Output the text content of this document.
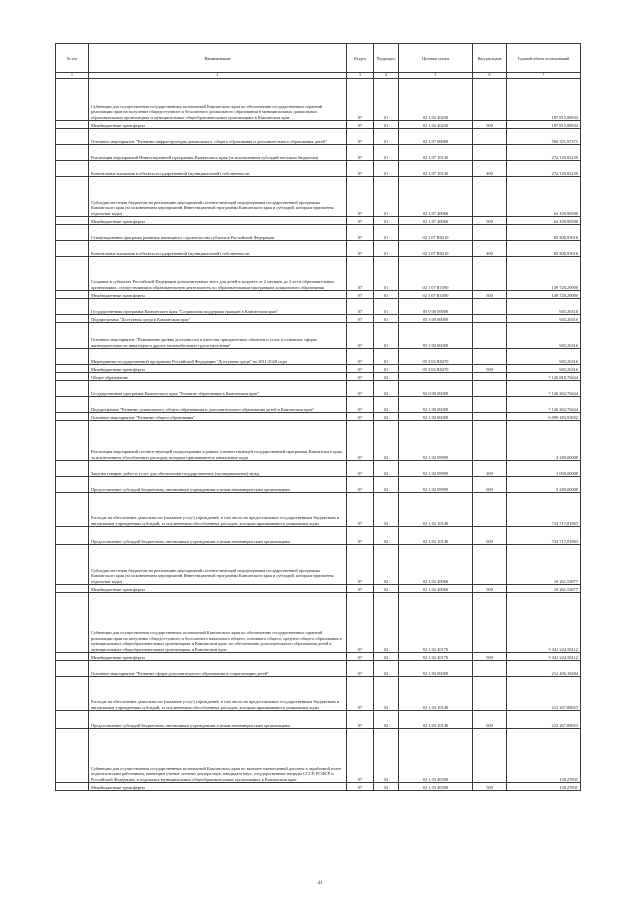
№ п/п	Наименование	Раздел	Подраздел	Целевая статья	Вид расходов	Годовой объем ассигнований
1	2	3	4	5	6	7
	Субвенции для осуществления государственных полномочий Камчатского края по обеспечению государственных гарантий реализации прав на получение общедоступного и бесплатного дошкольного образования в муниципальных дошкольных образовательных организациях и муниципальных общеобразовательных организациях в Камчатском крае	07	01	02 1 02 40230		187 815,88934
	Межбюджетные трансферты	07	01	02 1 02 40230	500	187 815,88934
	Основное мероприятие "Развитие инфраструктуры дошкольного, общего образования и дополнительного образования детей"	07	01	02 1 07 00000		566 351,97375
	Реализация мероприятий Инвестиционной программы Камчатского края (за исключением субсидий местным бюджетам)	07	01	02 1 07 10130		272 120,82259
	Капитальные вложения в объекты государственной (муниципальной) собственности	07	01	02 1 07 10130	400	272 120,82259
	Субсидии местным бюджетам на реализацию мероприятий соответствующей подпрограммы государственной программы Камчатского края (за исключением мероприятий Инвестиционной программы Камчатского края и субсидий, которым присвоены отдельные коды)	07	01	02 1 07 40060		62 109,90500
	Межбюджетные трансферты	07	01	02 1 07 40060	500	62 109,90500
	Стимулирование программ развития жилищного строительства субъектов Российской Федерации	07	01	02 1 07 R0210		82 400,95616
	Капитальные вложения в объекты государственной (муниципальной) собственности	07	01	02 1 07 R0210	400	82 400,95616
	Создание в субъектах Российской Федерации дополнительных мест для детей в возрасте от 2 месяцев до 3 лет в образовательных организациях, осуществляющих образовательную деятельность по образовательным программам дошкольного образования	07	01	02 1 07 R1590		149 720,29000
	Межбюджетные трансферты	07	01	02 1 07 R1590	500	149 720,29000
	Государственная программа Камчатского края "Социальная поддержка граждан в Камчатском крае"	07	01	05 0 00 00000		945,26316
	Подпрограмма "Доступная среда в Камчатском крае"	07	01	05 3 00 00000		945,26316
	Основное мероприятие "Повышение уровня доступности и качества приоритетных объектов и услуг в основных сферах жизнедеятельности инвалидов и других маломобильных групп населения"	07	01	05 3 02 00000		945,26316
	Мероприятия государственной программы Российской Федерации "Доступная среда" на 2011-2020 годы	07	01	05 3 02 R0270		945,26316
	Межбюджетные трансферты	07	01	05 3 02 R0270	500	945,26316
	Общее образование	07	02			7 126 818,76424
	Государственная программа Камчатского края "Развитие образования в Камчатском крае"	07	02	02 0 00 00000		7 126 262,76424
	Подпрограмма "Развитие дошкольного, общего образования и дополнительного образования детей в Камчатском крае"	07	02	02 1 00 00000		7 126 262,76424
	Основное мероприятие "Развитие общего образования"	07	02	02 1 02 00000		6 099 483,93852
	Реализация мероприятий соответствующей подпрограммы в рамках соответствующей государственной программы Камчатского края, за исключением обособленных расходов, которым присваиваются уникальные коды	07	02	02 1 02 09990		4 280,00000
	Закупка товаров, работ и услуг для обеспечения государственных (муниципальных) нужд	07	02	02 1 02 09990	200	1 000,00000
	Предоставление субсидий бюджетным, автономным учреждениям и иным некоммерческим организациям	07	02	02 1 02 09990	600	3 280,00000
	Расходы на обеспечение деятельности (оказание услуг) учреждений, в том числе на предоставление государственным бюджетным и автономным учреждениям субсидий, за исключением обособленных расходов, которым присваиваются уникальные коды	07	02	02 1 02 10140		743 717,81863
	Предоставление субсидий бюджетным, автономным учреждениям и иным некоммерческим организациям	07	02	02 1 02 10140	600	743 717,81863
	Субсидии местным бюджетам на реализацию мероприятий соответствующей подпрограммы государственной программы Камчатского края (за исключением мероприятий Инвестиционной программы Камчатского края и субсидий, которым присвоены отдельные коды)	07	02	02 1 02 40060		10 261,53877
	Межбюджетные трансферты	07	02	02 1 02 40060	500	10 261,53877
	Субвенции для осуществления государственных полномочий Камчатского края по обеспечению государственных гарантий реализации прав на получение общедоступного и бесплатного начального общего, основного общего, среднего общего образования в муниципальных общеобразовательных организациях в Камчатском крае, по обеспечению дополнительного образования детей в муниципальных общеобразовательных организациях в Камчатском крае	07	02	02 1 02 40170		5 341 224,58112
	Межбюджетные трансферты	07	02	02 1 02 40170	500	5 341 224,58112
	Основное мероприятие "Развитие сферы дополнительного образования и социализации детей"	07	02	02 1 03 00000		212 406,16484
	Расходы на обеспечение деятельности (оказание услуг) учреждений, в том числе на предоставление государственным бюджетным и автономным учреждениям субсидий, за исключением обособленных расходов, которым присваиваются уникальные коды	07	02	02 1 03 10140		212 267,88653
	Предоставление субсидий бюджетным, автономным учреждениям и иным некоммерческим организациям	07	02	02 1 03 10140	600	212 267,88653
	Субвенции для осуществления государственных полномочий Камчатского края по выплате ежемесячной доплаты к заработной плате педагогическим работникам, имеющим ученые степени доктора наук, кандидата наук, государственные награды СССР, РСФСР и Российской Федерации, в отдельных муниципальных общеобразовательных организациях в Камчатском крае	07	02	02 1 03 40390		138,27831
	Межбюджетные трансферты	07	02	02 1 03 40390	500	138,27831
41
